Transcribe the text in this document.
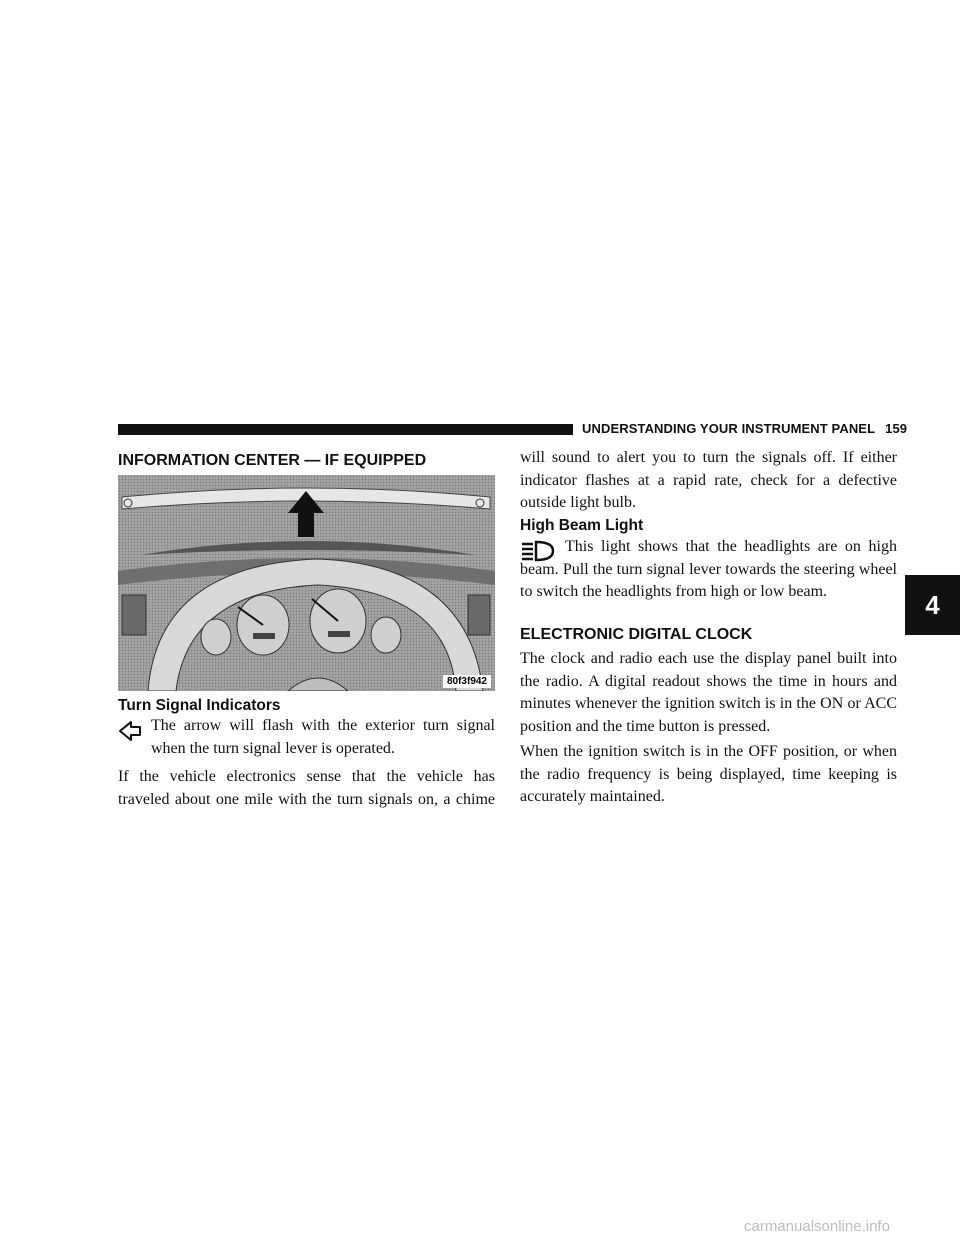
UNDERSTANDING YOUR INSTRUMENT PANEL 159
4
INFORMATION CENTER — IF EQUIPPED
80f3f942
Turn Signal Indicators

The arrow will flash with the exterior turn signal when the turn signal lever is operated.

If the vehicle electronics sense that the vehicle has traveled about one mile with the turn signals on, a chime

will sound to alert you to turn the signals off. If either indicator flashes at a rapid rate, check for a defective outside light bulb.

High Beam Light

This light shows that the headlights are on high beam. Pull the turn signal lever towards the steering wheel to switch the headlights from high or low beam.

ELECTRONIC DIGITAL CLOCK

The clock and radio each use the display panel built into the radio. A digital readout shows the time in hours and minutes whenever the ignition switch is in the ON or ACC position and the time button is pressed.

When the ignition switch is in the OFF position, or when the radio frequency is being displayed, time keeping is accurately maintained.

carmanualsonline.info
